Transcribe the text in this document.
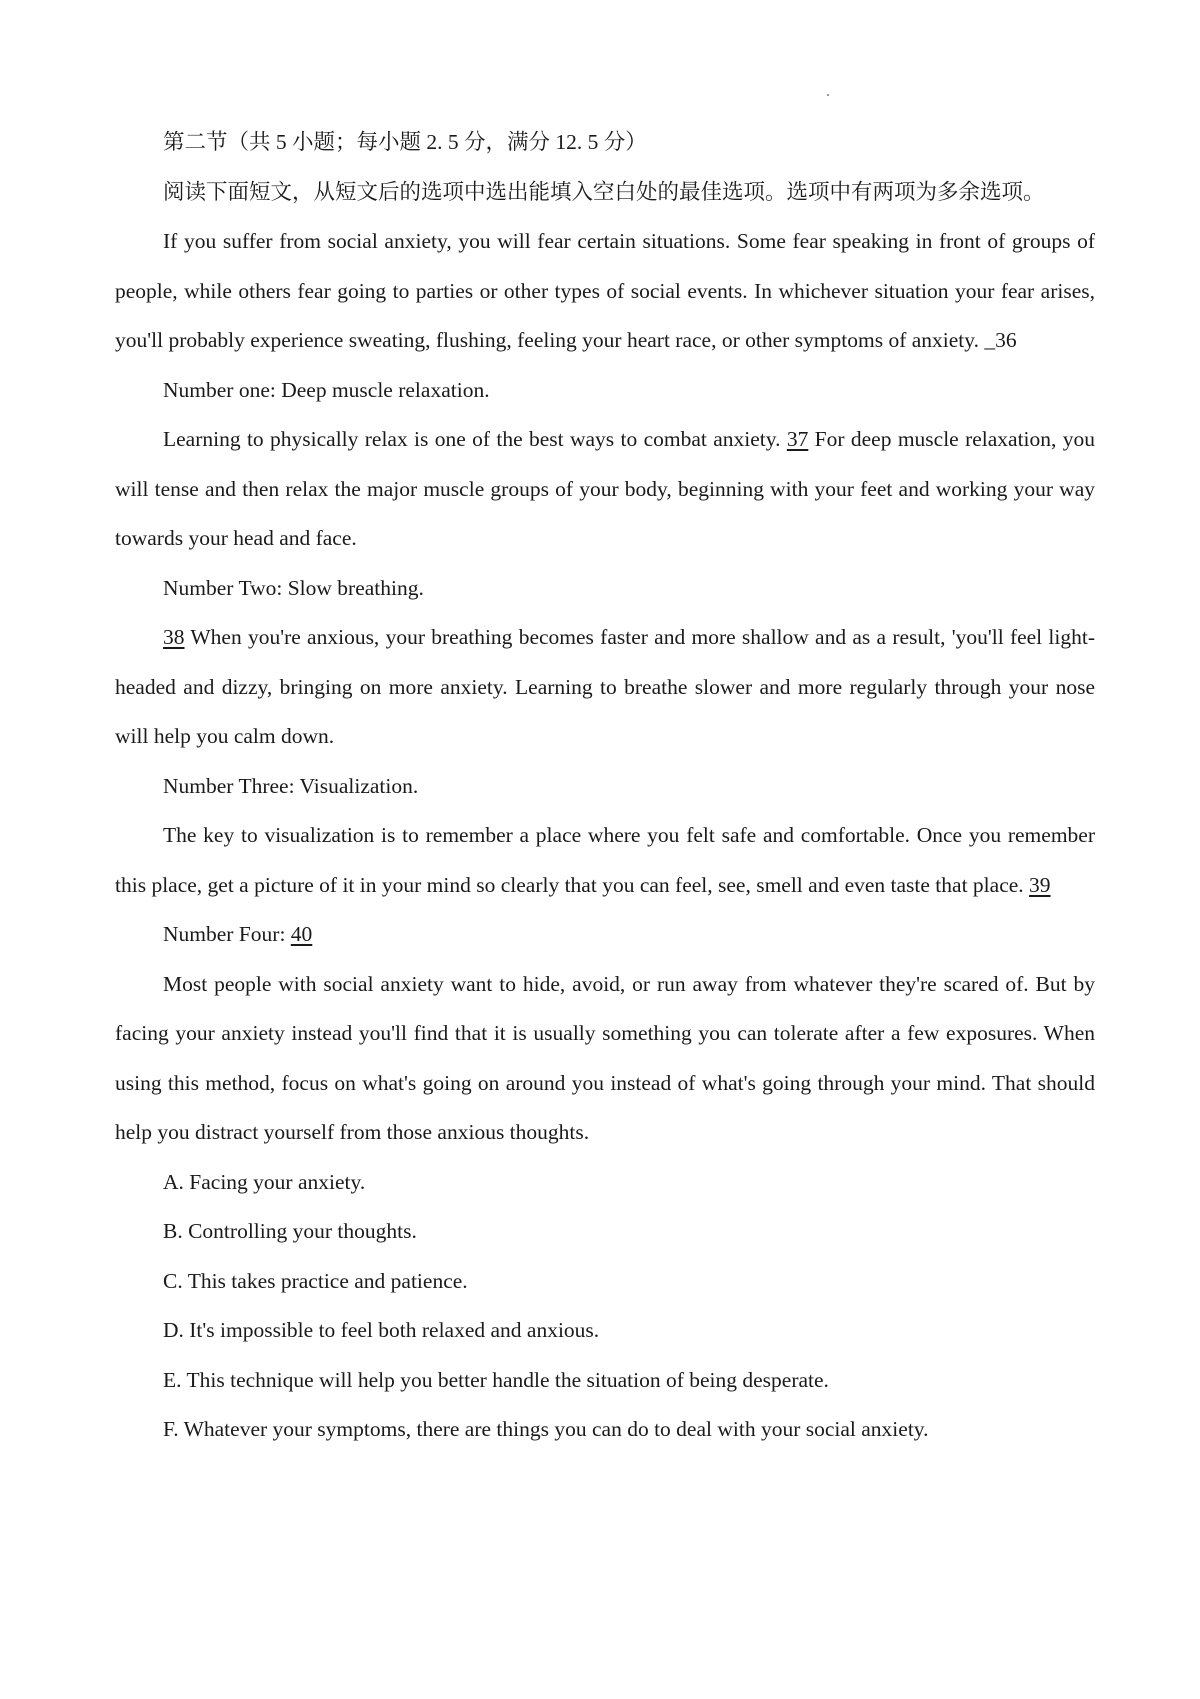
第二节（共 5 小题；每小题 2. 5 分，满分 12. 5 分）

阅读下面短文，从短文后的选项中选出能填入空白处的最佳选项。选项中有两项为多余选项。

If you suffer from social anxiety, you will fear certain situations. Some fear speaking in front of groups of people, while others fear going to parties or other types of social events. In whichever situation your fear arises, you'll probably experience sweating, flushing, feeling your heart race, or other symptoms of anxiety. _36

Number one: Deep muscle relaxation.

Learning to physically relax is one of the best ways to combat anxiety. 37 For deep muscle relaxation, you will tense and then relax the major muscle groups of your body, beginning with your feet and working your way towards your head and face.

Number Two: Slow breathing.

38 When you're anxious, your breathing becomes faster and more shallow and as a result, 'you'll feel light-headed and dizzy, bringing on more anxiety. Learning to breathe slower and more regularly through your nose will help you calm down.

Number Three: Visualization.

The key to visualization is to remember a place where you felt safe and comfortable. Once you remember this place, get a picture of it in your mind so clearly that you can feel, see, smell and even taste that place. 39

Number Four: 40

Most people with social anxiety want to hide, avoid, or run away from whatever they're scared of. But by facing your anxiety instead you'll find that it is usually something you can tolerate after a few exposures. When using this method, focus on what's going on around you instead of what's going through your mind. That should help you distract yourself from those anxious thoughts.

A. Facing your anxiety.

B. Controlling your thoughts.

C. This takes practice and patience.

D. It's impossible to feel both relaxed and anxious.

E. This technique will help you better handle the situation of being desperate.

F. Whatever your symptoms, there are things you can do to deal with your social anxiety.
